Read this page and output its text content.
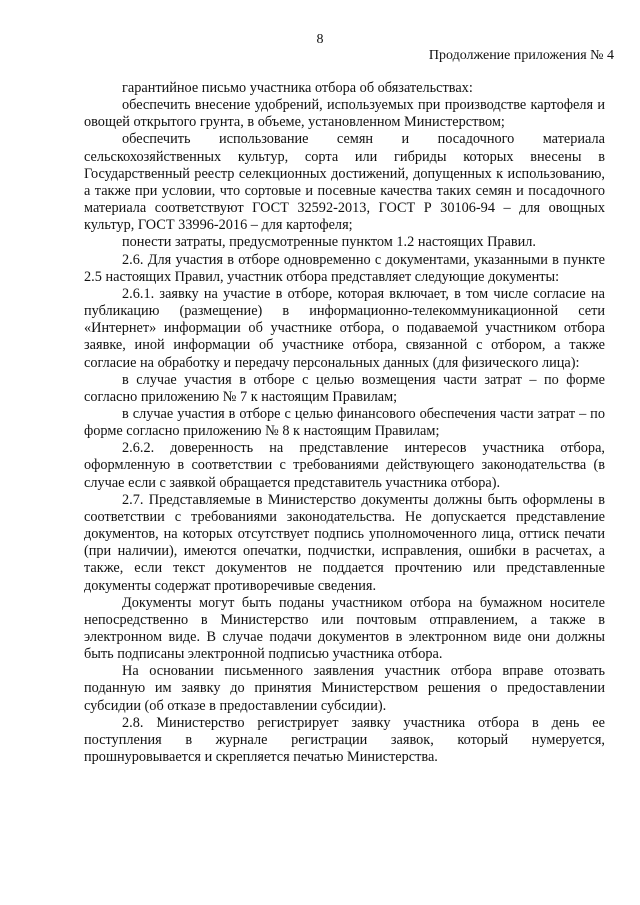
8
Продолжение приложения № 4

гарантийное письмо участника отбора об обязательствах:

обеспечить внесение удобрений, используемых при производстве картофеля и овощей открытого грунта, в объеме, установленном Министерством;

обеспечить использование семян и посадочного материала сельскохозяйственных культур, сорта или гибриды которых внесены в Государственный реестр селекционных достижений, допущенных к использованию, а также при условии, что сортовые и посевные качества таких семян и посадочного материала соответствуют ГОСТ 32592-2013, ГОСТ Р 30106-94 – для овощных культур, ГОСТ 33996-2016 – для картофеля;

понести затраты, предусмотренные пунктом 1.2 настоящих Правил.

2.6. Для участия в отборе одновременно с документами, указанными в пункте 2.5 настоящих Правил, участник отбора представляет следующие документы:

2.6.1. заявку на участие в отборе, которая включает, в том числе согласие на публикацию (размещение) в информационно-телекоммуникационной сети «Интернет» информации об участнике отбора, о подаваемой участником отбора заявке, иной информации об участнике отбора, связанной с отбором, а также согласие на обработку и передачу персональных данных (для физического лица):

в случае участия в отборе с целью возмещения части затрат – по форме согласно приложению № 7 к настоящим Правилам;

в случае участия в отборе с целью финансового обеспечения части затрат – по форме согласно приложению № 8 к настоящим Правилам;

2.6.2. доверенность на представление интересов участника отбора, оформленную в соответствии с требованиями действующего законодательства (в случае если с заявкой обращается представитель участника отбора).

2.7. Представляемые в Министерство документы должны быть оформлены в соответствии с требованиями законодательства. Не допускается представление документов, на которых отсутствует подпись уполномоченного лица, оттиск печати (при наличии), имеются опечатки, подчистки, исправления, ошибки в расчетах, а также, если текст документов не поддается прочтению или представленные документы содержат противоречивые сведения.

Документы могут быть поданы участником отбора на бумажном носителе непосредственно в Министерство или почтовым отправлением, а также в электронном виде. В случае подачи документов в электронном виде они должны быть подписаны электронной подписью участника отбора.

На основании письменного заявления участник отбора вправе отозвать поданную им заявку до принятия Министерством решения о предоставлении субсидии (об отказе в предоставлении субсидии).

2.8. Министерство регистрирует заявку участника отбора в день ее поступления в журнале регистрации заявок, который нумеруется, прошнуровывается и скрепляется печатью Министерства.
